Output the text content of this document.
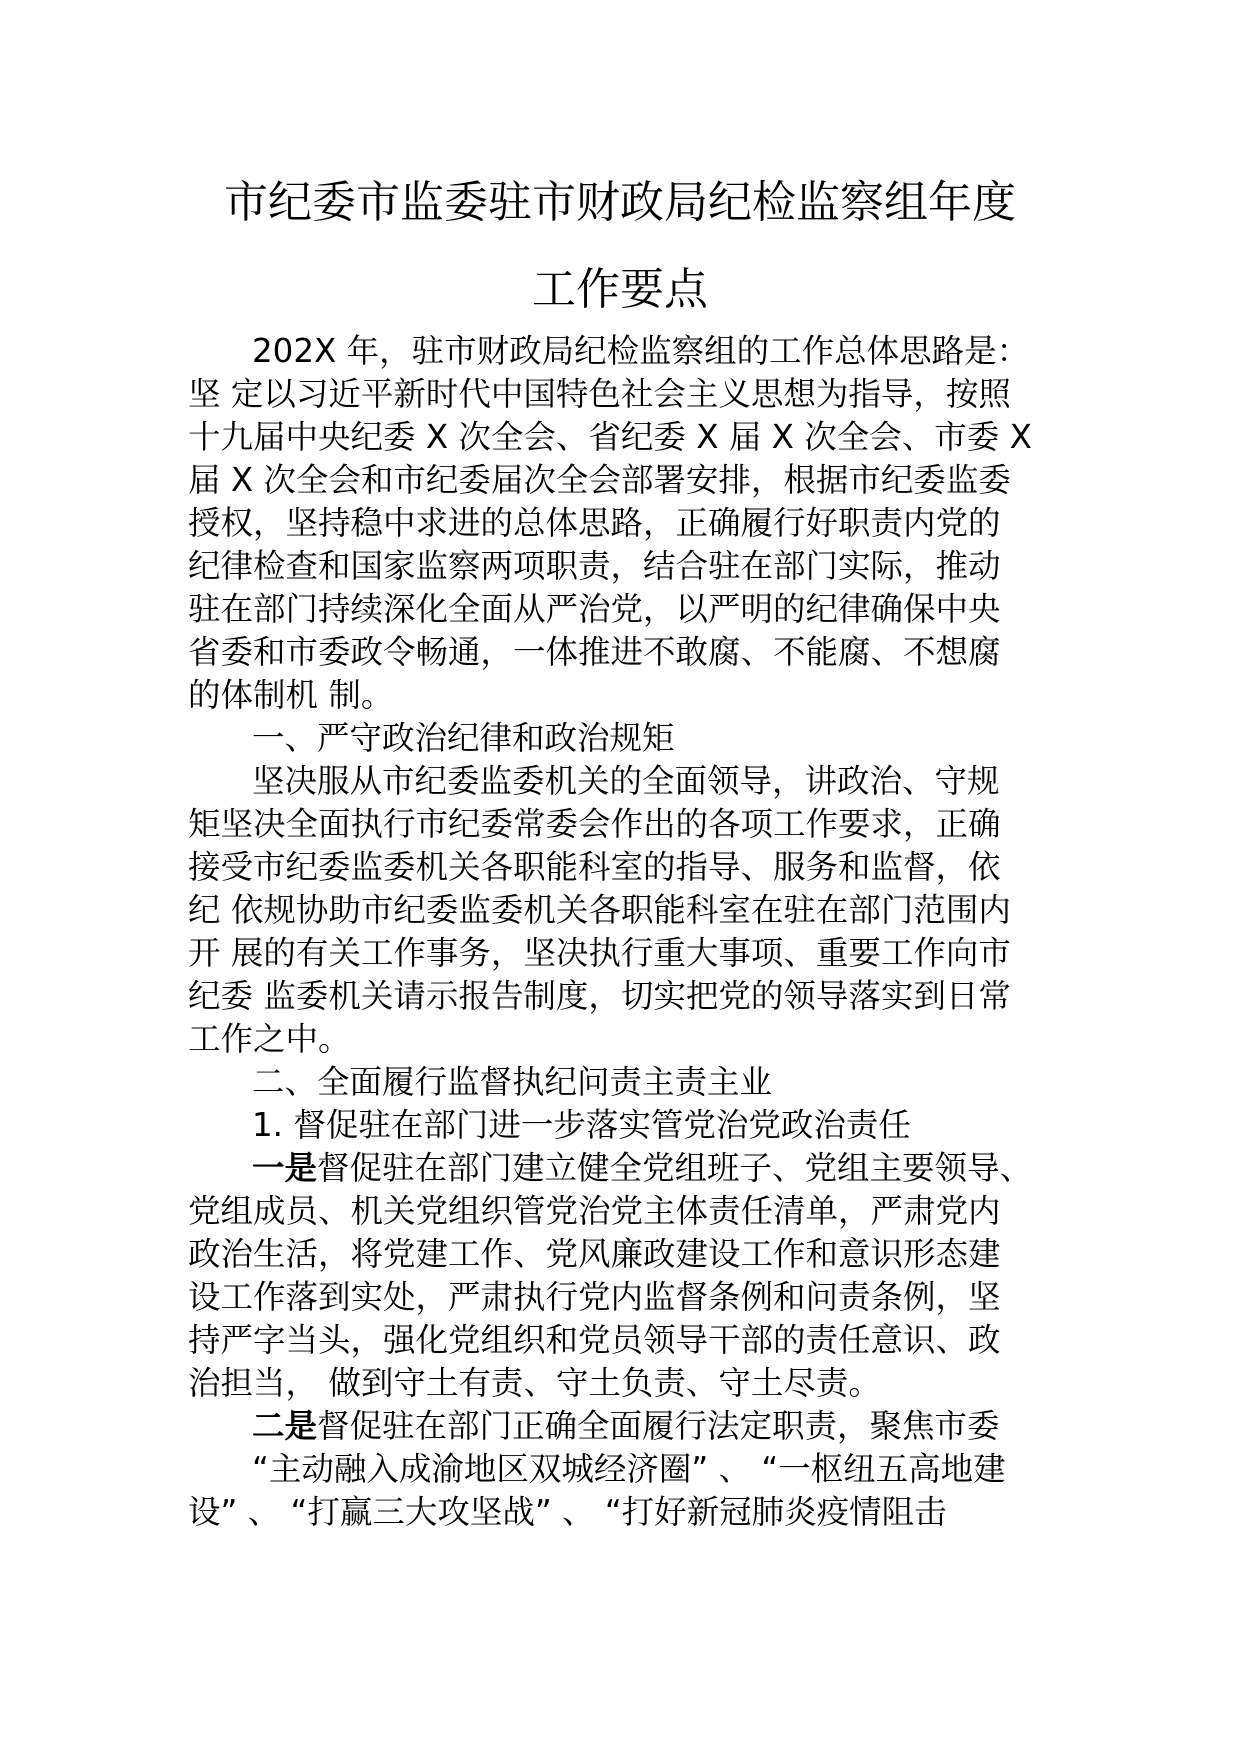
市纪委市监委驻市财政局纪检监察组年度
工作要点
202X 年，驻市财政局纪检监察组的工作总体思路是：
坚 定以习近平新时代中国特色社会主义思想为指导，按照
十九届中央纪委 X 次全会、省纪委 X 届 X 次全会、市委 X
届 X 次全会和市纪委届次全会部署安排，根据市纪委监委
授权，坚持稳中求进的总体思路，正确履行好职责内党的
纪律检查和国家监察两项职责，结合驻在部门实际，推动
驻在部门持续深化全面从严治党，以严明的纪律确保中央
省委和市委政令畅通，一体推进不敢腐、不能腐、不想腐
的体制机 制。
一、严守政治纪律和政治规矩
坚决服从市纪委监委机关的全面领导，讲政治、守规
矩坚决全面执行市纪委常委会作出的各项工作要求，正确
接受市纪委监委机关各职能科室的指导、服务和监督，依
纪 依规协助市纪委监委机关各职能科室在驻在部门范围内
开 展的有关工作事务，坚决执行重大事项、重要工作向市
纪委 监委机关请示报告制度，切实把党的领导落实到日常
工作之中。
二、全面履行监督执纪问责主责主业
1. 督促驻在部门进一步落实管党治党政治责任
一是督促驻在部门建立健全党组班子、党组主要领导、
党组成员、机关党组织管党治党主体责任清单，严肃党内
政治生活，将党建工作、党风廉政建设工作和意识形态建
设工作落到实处，严肃执行党内监督条例和问责条例，坚
持严字当头，强化党组织和党员领导干部的责任意识、政
治担当， 做到守土有责、守土负责、守土尽责。
二是督促驻在部门正确全面履行法定职责，聚焦市委
“主动融入成渝地区双城经济圈” 、 “一枢纽五高地建
设” 、 “打赢三大攻坚战” 、 “打好新冠肺炎疫情阻击
